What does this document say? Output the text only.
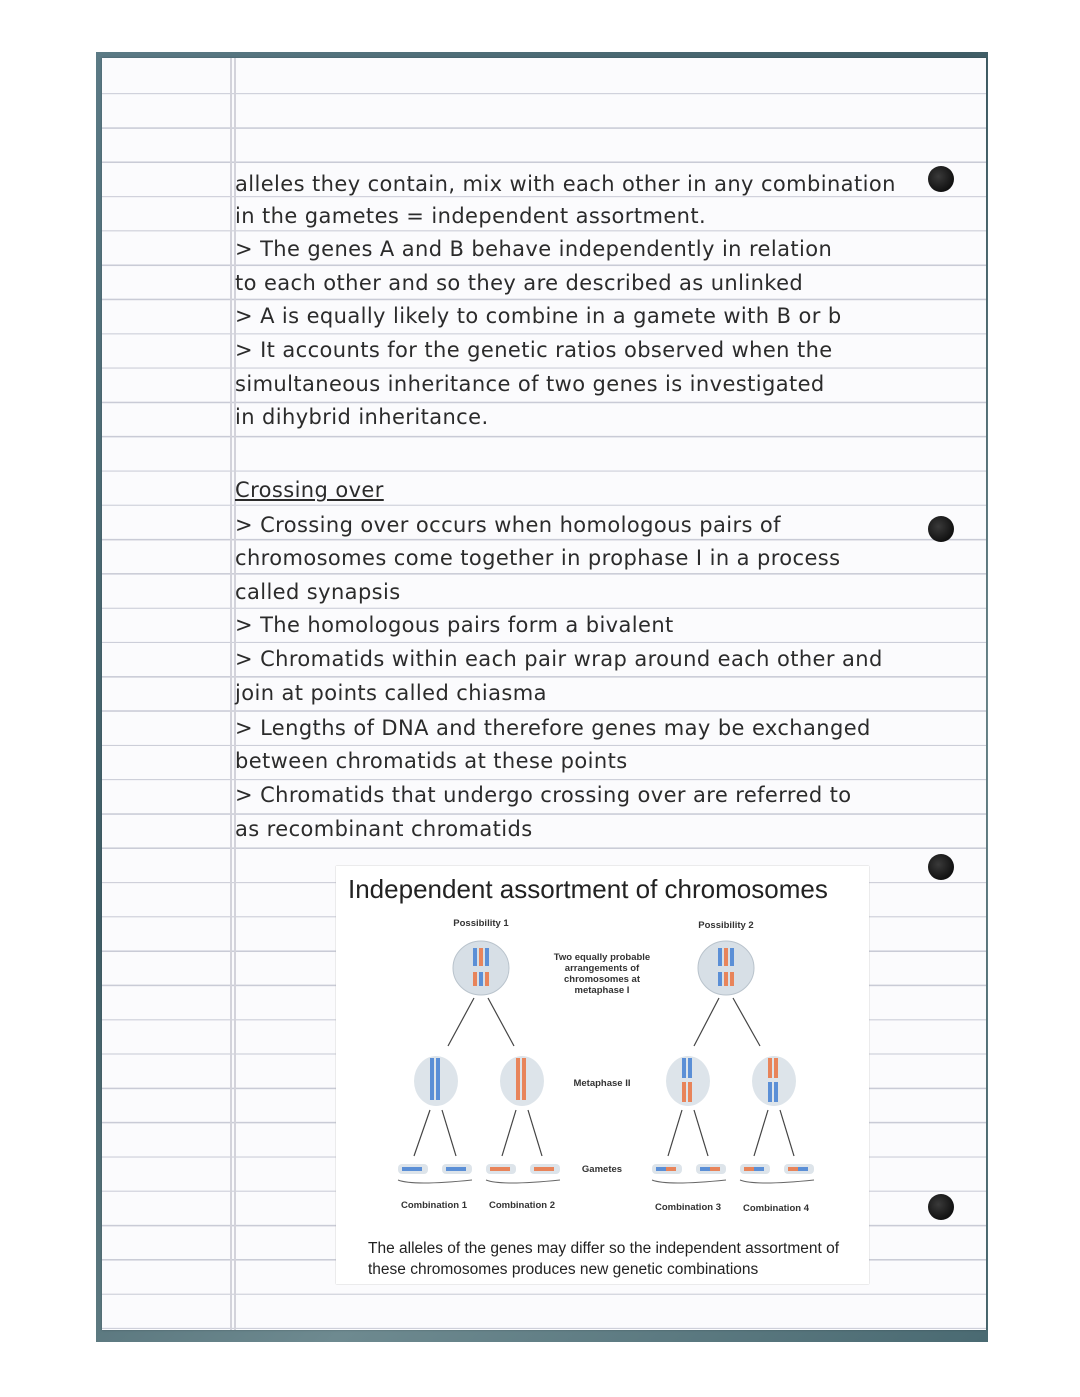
alleles they contain, mix with each other in any combination
in the gametes = independent assortment.
> The genes A and B behave independently in relation
to each other and so they are described as unlinked
> A is equally likely to combine in a gamete with B or b
> It accounts for the genetic ratios observed when the
simultaneous inheritance of two genes is investigated
in dihybrid inheritance.
Crossing over
> Crossing over occurs when homologous pairs of
chromosomes come together in prophase I in a process
called synapsis
> The homologous pairs form a bivalent
> Chromatids within each pair wrap around each other and
join at points called chiasma
> Lengths of DNA and therefore genes may be exchanged
between chromatids at these points
> Chromatids that undergo crossing over are referred to
as recombinant chromatids
Independent assortment of chromosomes
Possibility 1	Possibility 2
Two equally probable arrangements of chromosomes at metaphase I
Metaphase II
Gametes
Combination 1	Combination 2	Combination 3	Combination 4
The alleles of the genes may differ so the independent assortment of these chromosomes produces new genetic combinations
